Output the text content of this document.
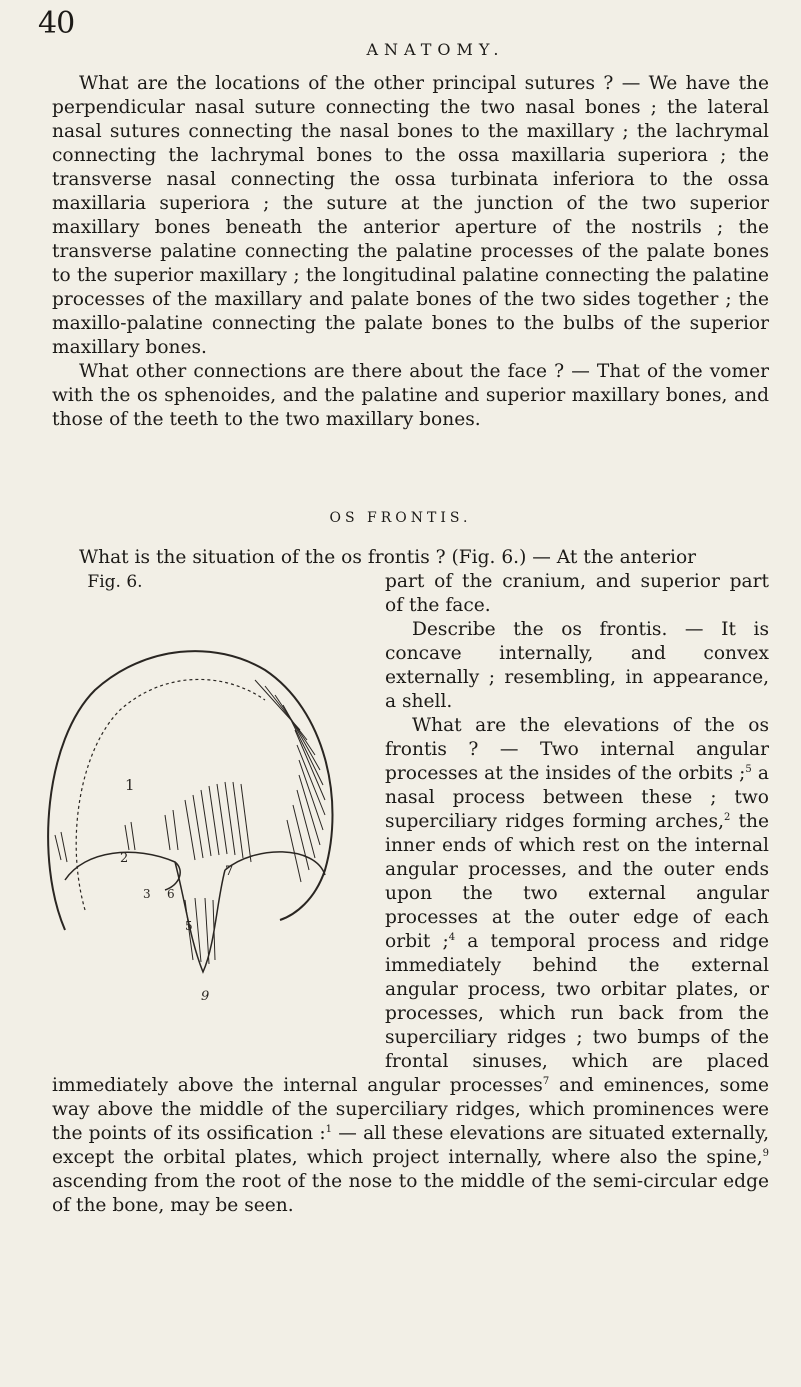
40
ANATOMY.

What are the locations of the other principal sutures ? — We have the perpendicular nasal suture connecting the two nasal bones ; the lateral nasal sutures connecting the nasal bones to the maxillary ; the lachrymal connecting the lachrymal bones to the ossa maxillaria superiora ; the transverse nasal connecting the ossa turbinata inferiora to the ossa maxillaria superiora ; the suture at the junction of the two superior maxillary bones beneath the anterior aperture of the nostrils ; the transverse palatine connecting the palatine processes of the palate bones to the superior maxillary ; the longitudinal palatine connecting the palatine processes of the maxillary and palate bones of the two sides together ; the maxillo-palatine connecting the palate bones to the bulbs of the superior maxillary bones.

What other connections are there about the face ? — That of the vomer with the os sphenoides, and the palatine and superior maxillary bones, and those of the teeth to the two maxillary bones.

OS FRONTIS.
What is the situation of the os frontis ? (Fig. 6.) — At the anterior
Fig. 6.
1
2
3 6
7
5
9
part of the cranium, and superior part of the face.
Describe the os frontis. — It is concave internally, and convex externally ; resembling, in appearance, a shell.
What are the elevations of the os frontis ? — Two internal angular processes at the insides of the orbits ;$^5$ a nasal process between these ; two superciliary ridges forming arches,$^2$ the inner ends of which rest on the internal angular processes, and the outer ends upon the two external angular processes at the outer edge of each orbit ;$^4$ a temporal process and ridge immediately behind the external angular process, two orbitar plates, or processes, which run back from the superciliary ridges ; two bumps of the frontal sinuses, which are placed immediately above the internal angular processes$^7$ and eminences, some way above the middle of the superciliary ridges, which prominences were the points of its ossification :$^1$ — all these elevations are situated externally, except the orbital plates, which project internally, where also the spine,$^9$ ascending from the root of the nose to the middle of the semi-circular edge of the bone, may be seen.
